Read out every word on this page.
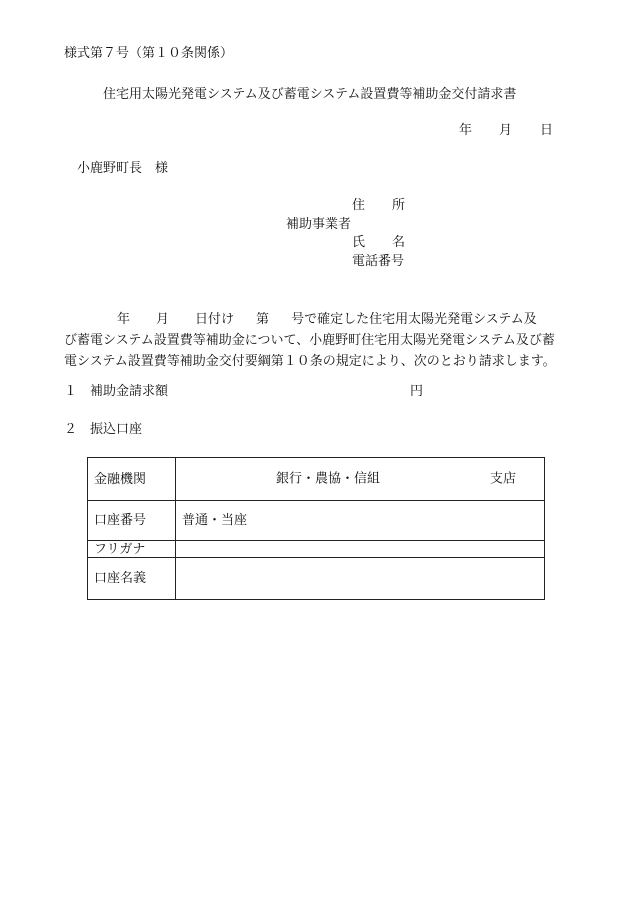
様式第７号（第１０条関係）
住宅用太陽光発電システム及び蓄電システム設置費等補助金交付請求書
年 月 日
小鹿野町長　様
住 所
補助事業者
氏 名
電話番号
年 月 日付け 第 号で確定した住宅用太陽光発電システム及
び蓄電システム設置費等補助金について、小鹿野町住宅用太陽光発電システム及び蓄
電システム設置費等補助金交付要綱第１０条の規定により、次のとおり請求します。
１ 補助金請求額	円
２ 振込口座
金融機関	銀行・農協・信組 支店

口座番号	普通・当座
フリガナ	
口座名義	
